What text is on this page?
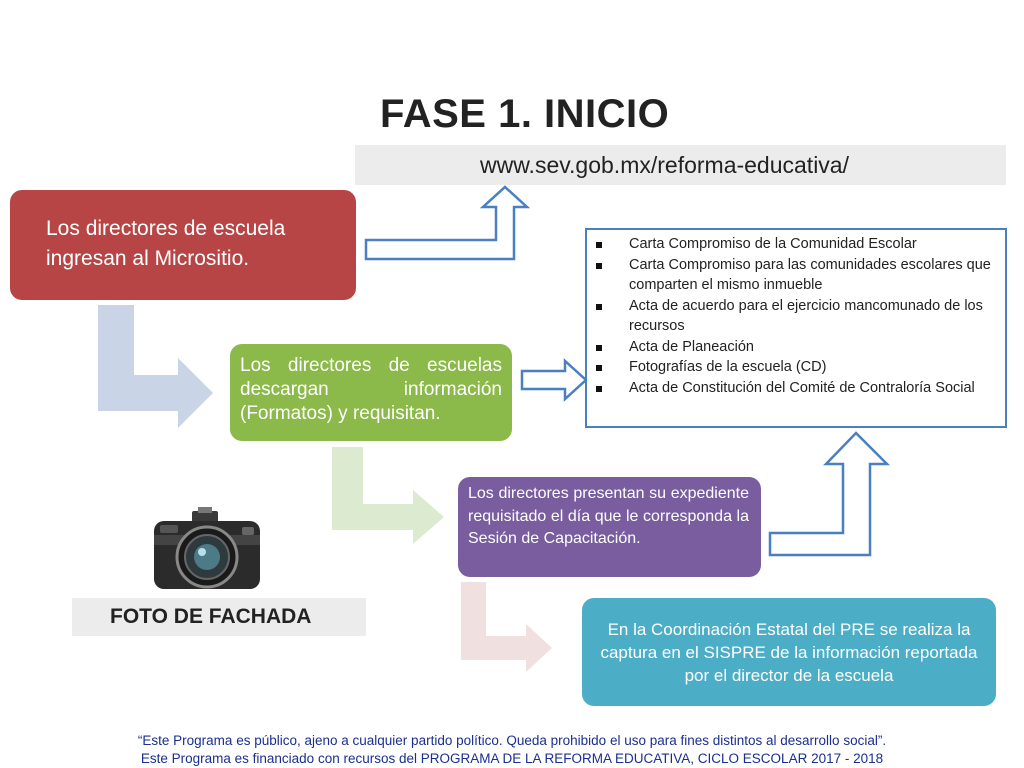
FASE 1. INICIO
www.sev.gob.mx/reforma-educativa/
Los directores de escuela ingresan al Micrositio.
Los directores de escuelas descargan información (Formatos) y requisitan.
Los directores presentan su expediente requisitado el día que le corresponda la Sesión de Capacitación.
En la Coordinación Estatal del PRE se realiza la captura en el SISPRE de la información reportada por el director de la escuela
Carta Compromiso de la Comunidad Escolar
Carta Compromiso para las comunidades escolares que comparten el mismo inmueble
Acta de acuerdo para el ejercicio mancomunado de los recursos
Acta de Planeación
Fotografías de la escuela (CD)
Acta de Constitución del Comité de Contraloría Social
FOTO DE FACHADA
“Este Programa es público, ajeno a cualquier partido político. Queda prohibido el uso para fines distintos al desarrollo social”.
Este Programa es financiado con recursos del PROGRAMA DE LA REFORMA EDUCATIVA, CICLO ESCOLAR 2017 - 2018
